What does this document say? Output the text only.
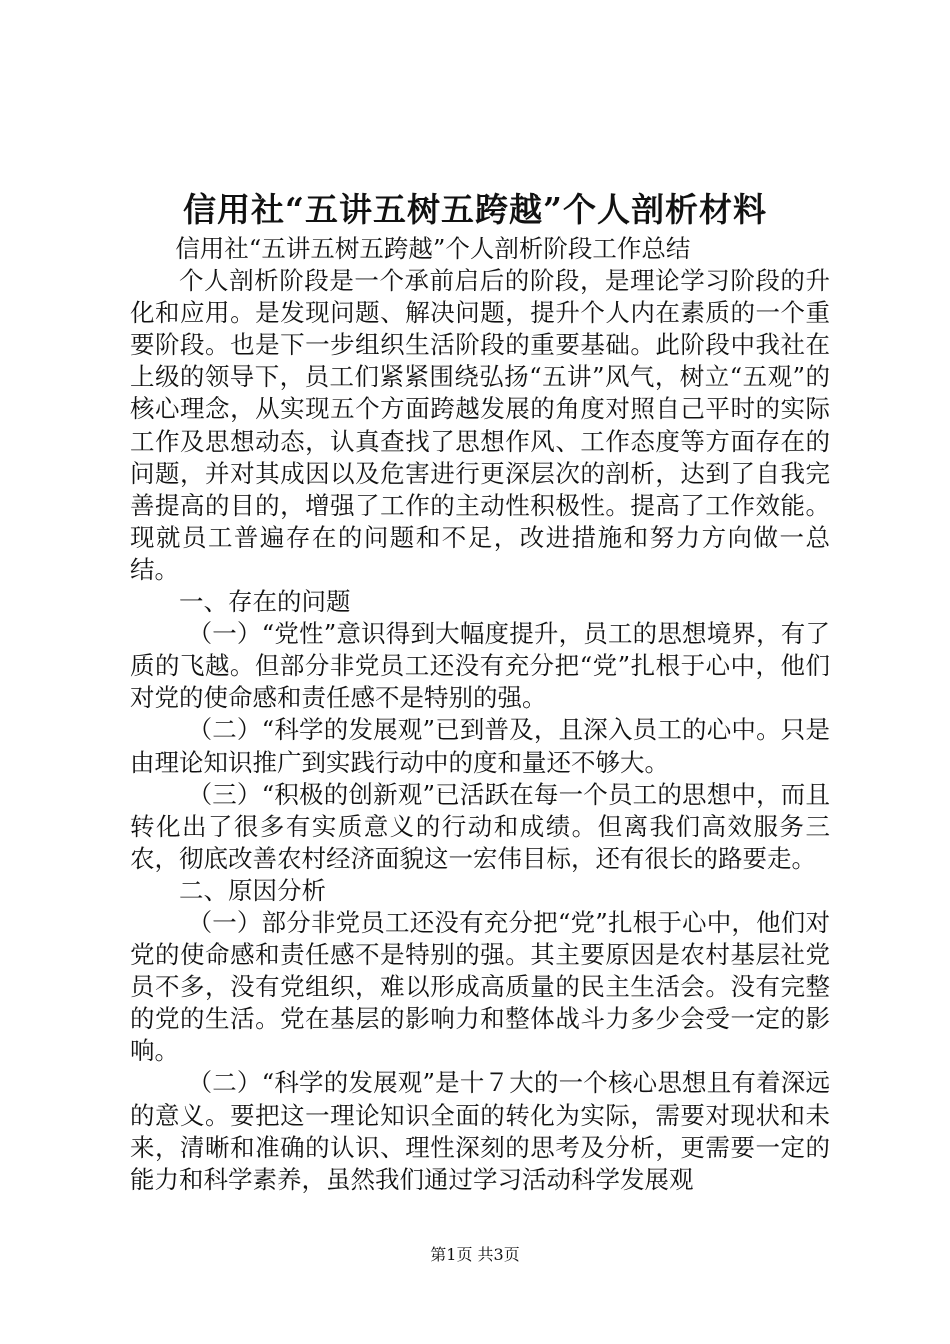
信用社“五讲五树五跨越”个人剖析材料

信用社“五讲五树五跨越”个人剖析阶段工作总结

个人剖析阶段是一个承前启后的阶段，是理论学习阶段的升化和应用。是发现问题、解决问题，提升个人内在素质的一个重要阶段。也是下一步组织生活阶段的重要基础。此阶段中我社在上级的领导下，员工们紧紧围绕弘扬“五讲”风气，树立“五观”的核心理念，从实现五个方面跨越发展的角度对照自己平时的实际工作及思想动态，认真查找了思想作风、工作态度等方面存在的问题，并对其成因以及危害进行更深层次的剖析，达到了自我完善提高的目的，增强了工作的主动性积极性。提高了工作效能。现就员工普遍存在的问题和不足，改进措施和努力方向做一总结。

一、存在的问题

（一）“党性”意识得到大幅度提升，员工的思想境界，有了质的飞越。但部分非党员工还没有充分把“党”扎根于心中，他们对党的使命感和责任感不是特别的强。

（二）“科学的发展观”已到普及，且深入员工的心中。只是由理论知识推广到实践行动中的度和量还不够大。

（三）“积极的创新观”已活跃在每一个员工的思想中，而且转化出了很多有实质意义的行动和成绩。但离我们高效服务三农，彻底改善农村经济面貌这一宏伟目标，还有很长的路要走。

二、原因分析

（一）部分非党员工还没有充分把“党”扎根于心中，他们对党的使命感和责任感不是特别的强。其主要原因是农村基层社党员不多，没有党组织，难以形成高质量的民主生活会。没有完整的党的生活。党在基层的影响力和整体战斗力多少会受一定的影响。

（二）“科学的发展观”是十７大的一个核心思想且有着深远的意义。要把这一理论知识全面的转化为实际，需要对现状和未来，清晰和准确的认识、理性深刻的思考及分析，更需要一定的能力和科学素养，虽然我们通过学习活动科学发展观

第1页 共3页
